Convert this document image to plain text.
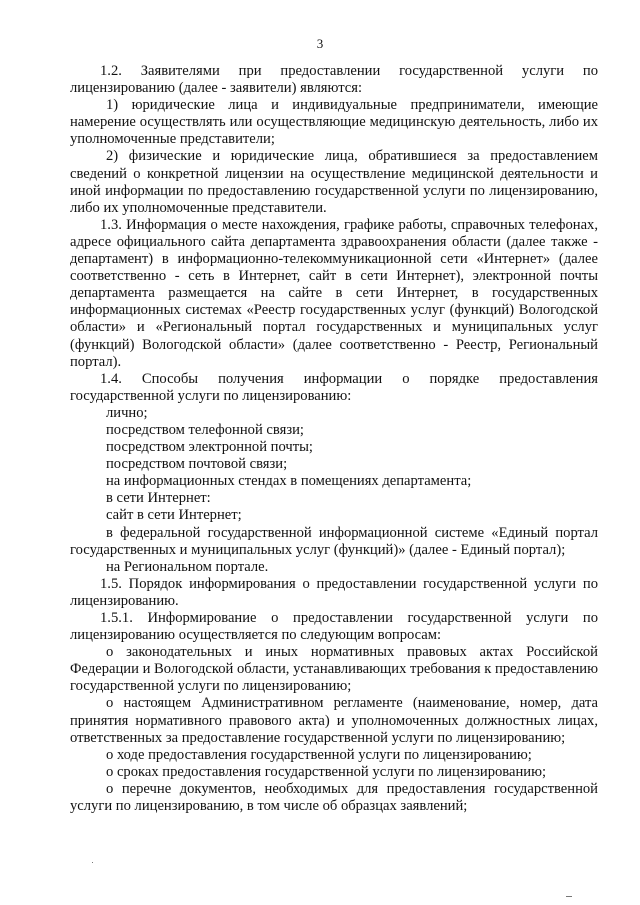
3

1.2. Заявителями при предоставлении государственной услуги по лицензированию (далее - заявители) являются:

1) юридические лица и индивидуальные предприниматели, имеющие намерение осуществлять или осуществляющие медицинскую деятельность, либо их уполномоченные представители;

2) физические и юридические лица, обратившиеся за предоставлением сведений о конкретной лицензии на осуществление медицинской деятельности и иной информации по предоставлению государственной услуги по лицензированию, либо их уполномоченные представители.

1.3. Информация о месте нахождения, графике работы, справочных телефонах, адресе официального сайта департамента здравоохранения области (далее также - департамент) в информационно-телекоммуникационной сети «Интернет» (далее соответственно - сеть в Интернет, сайт в сети Интернет), электронной почты департамента размещается на сайте в сети Интернет, в государственных информационных системах «Реестр государственных услуг (функций) Вологодской области» и «Региональный портал государственных и муниципальных услуг (функций) Вологодской области» (далее соответственно - Реестр, Региональный портал).

1.4. Способы получения информации о порядке предоставления государственной услуги по лицензированию:

лично;

посредством телефонной связи;

посредством электронной почты;

посредством почтовой связи;

на информационных стендах в помещениях департамента;

в сети Интернет:

сайт в сети Интернет;

в федеральной государственной информационной системе «Единый портал государственных и муниципальных услуг (функций)» (далее - Единый портал);

на Региональном портале.

1.5. Порядок информирования о предоставлении государственной услуги по лицензированию.

1.5.1. Информирование о предоставлении государственной услуги по лицензированию осуществляется по следующим вопросам:

о законодательных и иных нормативных правовых актах Российской Федерации и Вологодской области, устанавливающих требования к предоставлению государственной услуги по лицензированию;

о настоящем Административном регламенте (наименование, номер, дата принятия нормативного правового акта) и уполномоченных должностных лицах, ответственных за предоставление государственной услуги по лицензированию;

о ходе предоставления государственной услуги по лицензированию;

о сроках предоставления государственной услуги по лицензированию;

о перечне документов, необходимых для предоставления государственной услуги по лицензированию, в том числе об образцах заявлений;
